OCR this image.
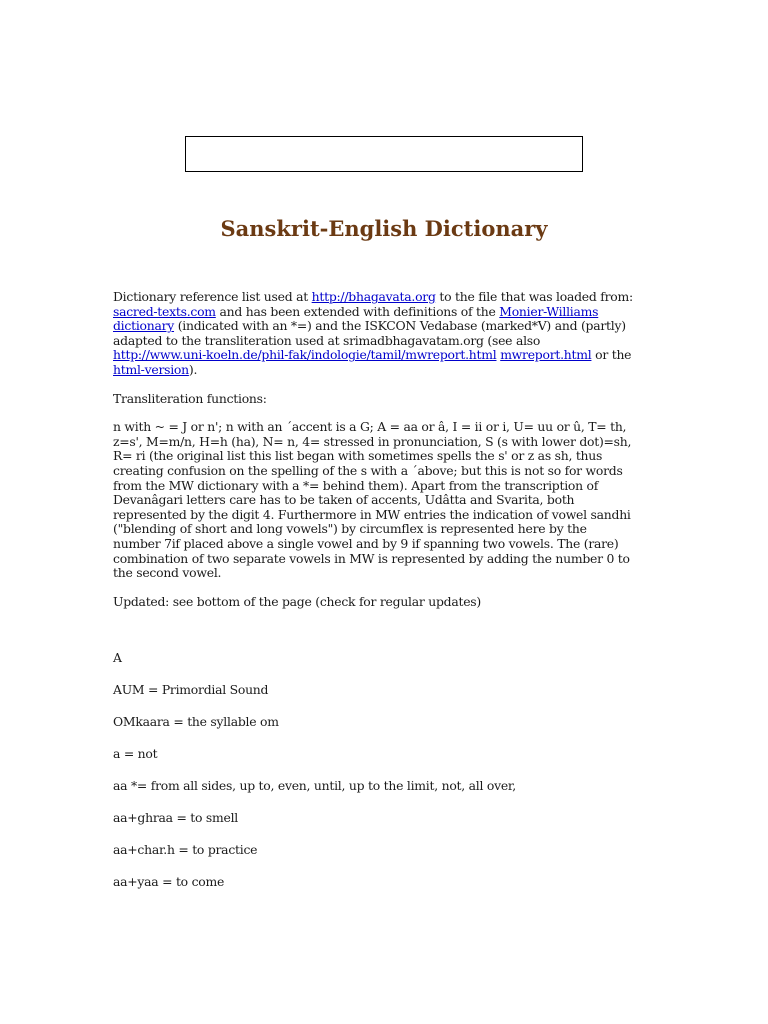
Sanskrit-English Dictionary

Dictionary reference list used at http://bhagavata.org to the file that was loaded from: sacred-texts.com and has been extended with definitions of the Monier-Williams dictionary (indicated with an *=) and the ISKCON Vedabase (marked*V) and (partly) adapted to the transliteration used at srimadbhagavatam.org (see also http://www.uni-koeln.de/phil-fak/indologie/tamil/mwreport.html mwreport.html or the html-version).

Transliteration functions:

n with ~ = J or n'; n with an ´accent is a G; A = aa or â, I = ii or i, U= uu or û, T= th, z=s', M=m/n, H=h (ha), N= n, 4= stressed in pronunciation, S (s with lower dot)=sh, R= ri (the original list this list began with sometimes spells the s' or z as sh, thus creating confusion on the spelling of the s with a ´above; but this is not so for words from the MW dictionary with a *= behind them). Apart from the transcription of Devanâgari letters care has to be taken of accents, Udâtta and Svarita, both represented by the digit 4. Furthermore in MW entries the indication of vowel sandhi ("blending of short and long vowels") by circumflex is represented here by the number 7if placed above a single vowel and by 9 if spanning two vowels. The (rare) combination of two separate vowels in MW is represented by adding the number 0 to the second vowel.

Updated: see bottom of the page (check for regular updates)

A
AUM = Primordial Sound
OMkaara = the syllable om
a = not
aa *= from all sides, up to, even, until, up to the limit, not, all over,
aa+ghraa = to smell
aa+char.h = to practice
aa+yaa = to come
